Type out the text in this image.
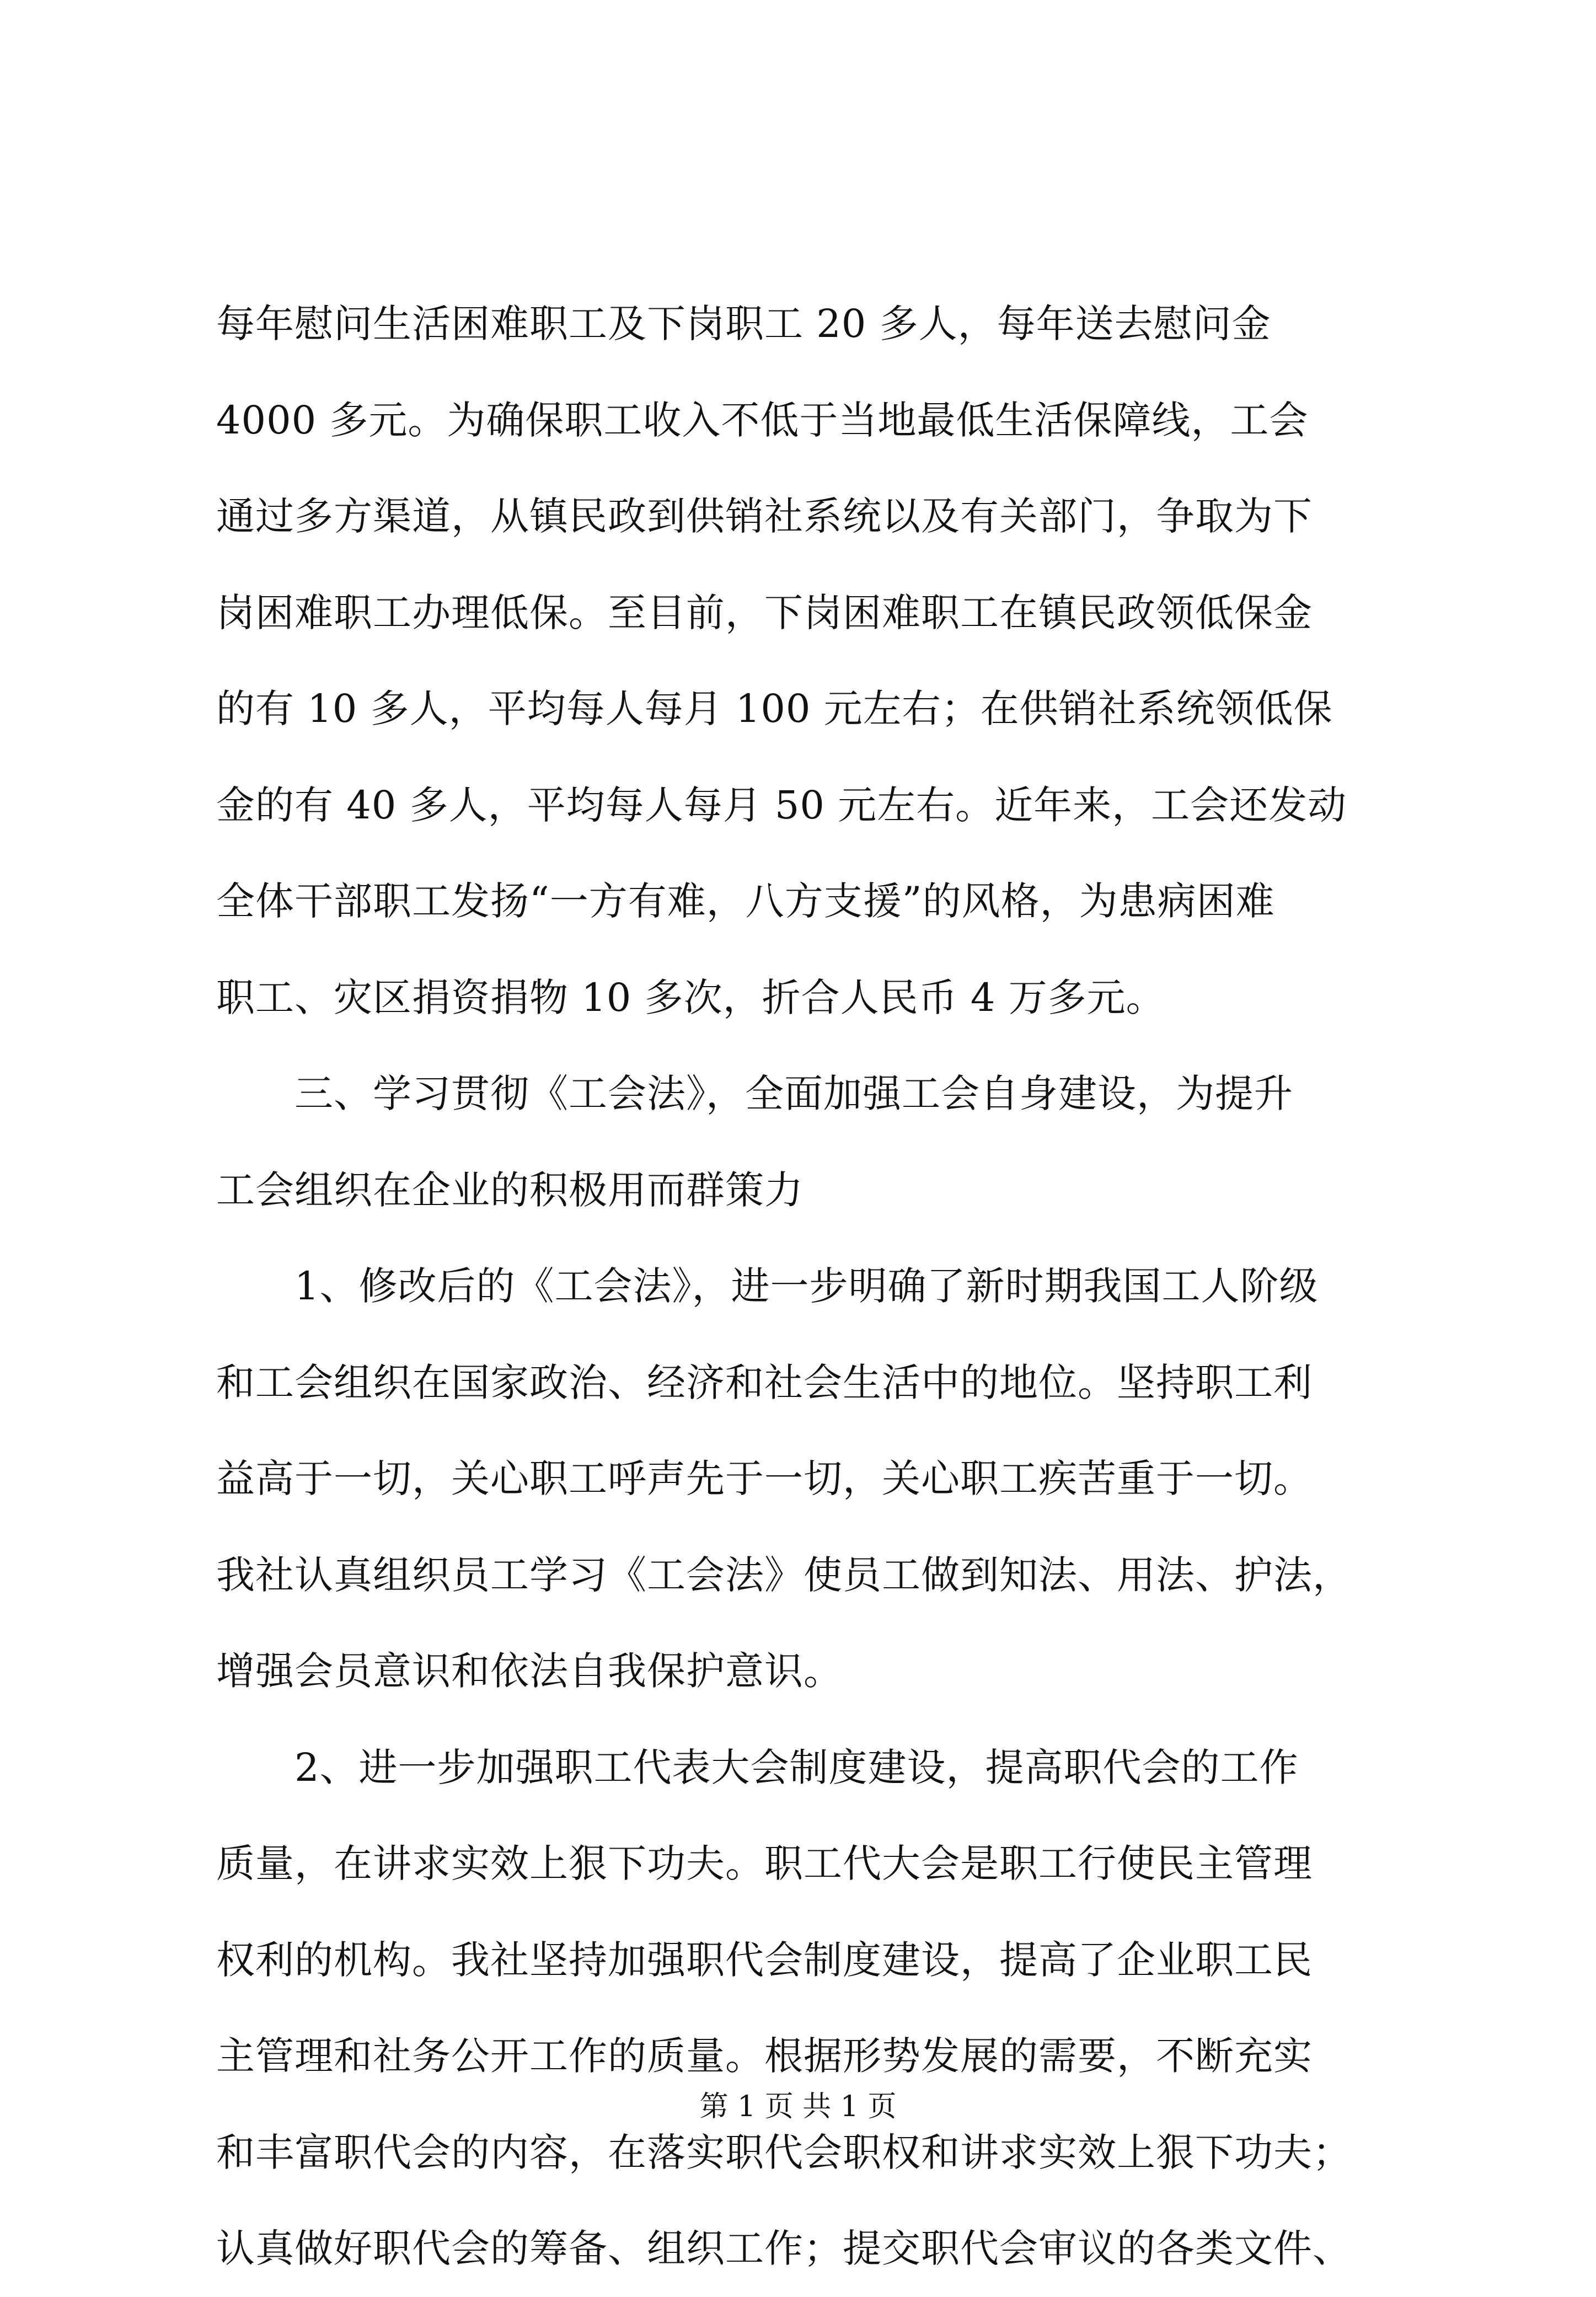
每年慰问生活困难职工及下岗职工 20 多人，每年送去慰问金
4000 多元。为确保职工收入不低于当地最低生活保障线，工会
通过多方渠道，从镇民政到供销社系统以及有关部门，争取为下
岗困难职工办理低保。至目前，下岗困难职工在镇民政领低保金
的有 10 多人，平均每人每月 100 元左右；在供销社系统领低保
金的有 40 多人，平均每人每月 50 元左右。近年来，工会还发动
全体干部职工发扬“一方有难，八方支援”的风格，为患病困难
职工、灾区捐资捐物 10 多次，折合人民币 4 万多元。
　　三、学习贯彻《工会法》，全面加强工会自身建设，为提升
工会组织在企业的积极用而群策力
　　1、修改后的《工会法》，进一步明确了新时期我国工人阶级
和工会组织在国家政治、经济和社会生活中的地位。坚持职工利
益高于一切，关心职工呼声先于一切，关心职工疾苦重于一切。
我社认真组织员工学习《工会法》使员工做到知法、用法、护法，
增强会员意识和依法自我保护意识。
　　2、进一步加强职工代表大会制度建设，提高职代会的工作
质量，在讲求实效上狠下功夫。职工代大会是职工行使民主管理
权利的机构。我社坚持加强职代会制度建设，提高了企业职工民
主管理和社务公开工作的质量。根据形势发展的需要，不断充实
和丰富职代会的内容，在落实职代会职权和讲求实效上狠下功夫；
认真做好职代会的筹备、组织工作；提交职代会审议的各类文件、
第 1 页 共 1 页
